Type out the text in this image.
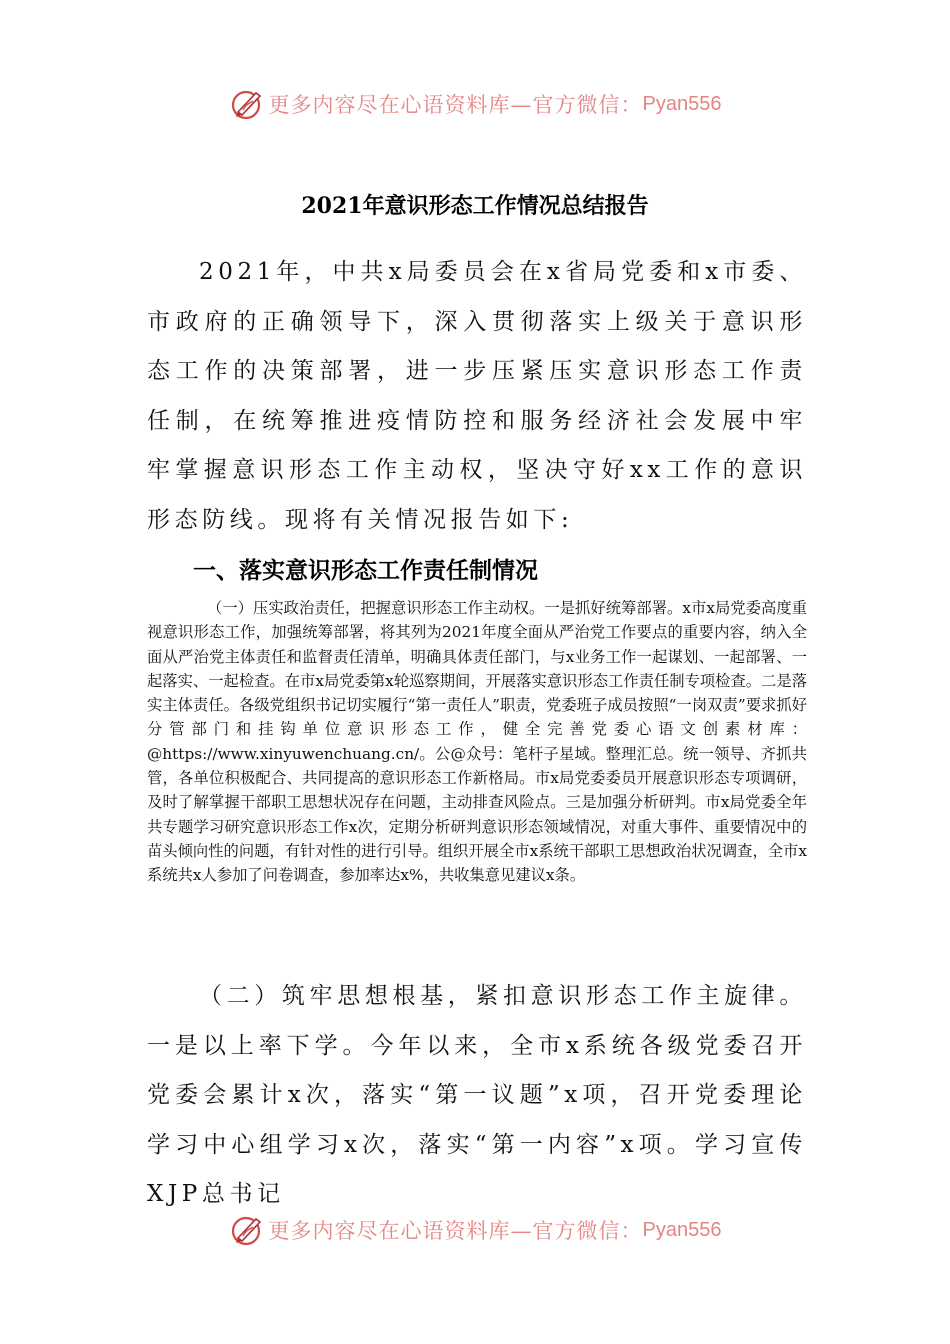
更多内容尽在心语资料库—官方微信： Pyan556
2021年意识形态工作情况总结报告

2021年，中共x局委员会在x省局党委和x市委、市政府的正确领导下，深入贯彻落实上级关于意识形态工作的决策部署，进一步压紧压实意识形态工作责任制，在统筹推进疫情防控和服务经济社会发展中牢牢掌握意识形态工作主动权，坚决守好xx工作的意识形态防线。现将有关情况报告如下:

一、落实意识形态工作责任制情况

（一）压实政治责任，把握意识形态工作主动权。一是抓好统筹部署。x市x局党委高度重视意识形态工作，加强统筹部署，将其列为2021年度全面从严治党工作要点的重要内容，纳入全面从严治党主体责任和监督责任清单，明确具体责任部门，与x业务工作一起谋划、一起部署、一起落实、一起检查。在市x局党委第x轮巡察期间，开展落实意识形态工作责任制专项检查。二是落实主体责任。各级党组织书记切实履行“第一责任人”职责，党委班子成员按照“一岗双责”要求抓好分管部门和挂钩单位意识形态工作，健全完善党委心语文创素材库：@https://www.xinyuwenchuang.cn/。公@众号：笔杆子星域。整理汇总。统一领导、齐抓共管，各单位积极配合、共同提高的意识形态工作新格局。市x局党委委员开展意识形态专项调研，及时了解掌握干部职工思想状况存在问题，主动排查风险点。三是加强分析研判。市x局党委全年共专题学习研究意识形态工作x次，定期分析研判意识形态领域情况，对重大事件、重要情况中的苗头倾向性的问题，有针对性的进行引导。组织开展全市x系统干部职工思想政治状况调查，全市x系统共x人参加了问卷调查，参加率达x%，共收集意见建议x条。

（二）筑牢思想根基，紧扣意识形态工作主旋律。一是以上率下学。今年以来，全市x系统各级党委召开党委会累计x次，落实“第一议题”x项，召开党委理论学习中心组学习x次，落实“第一内容”x项。学习宣传XJP总书记

更多内容尽在心语资料库—官方微信： Pyan556
